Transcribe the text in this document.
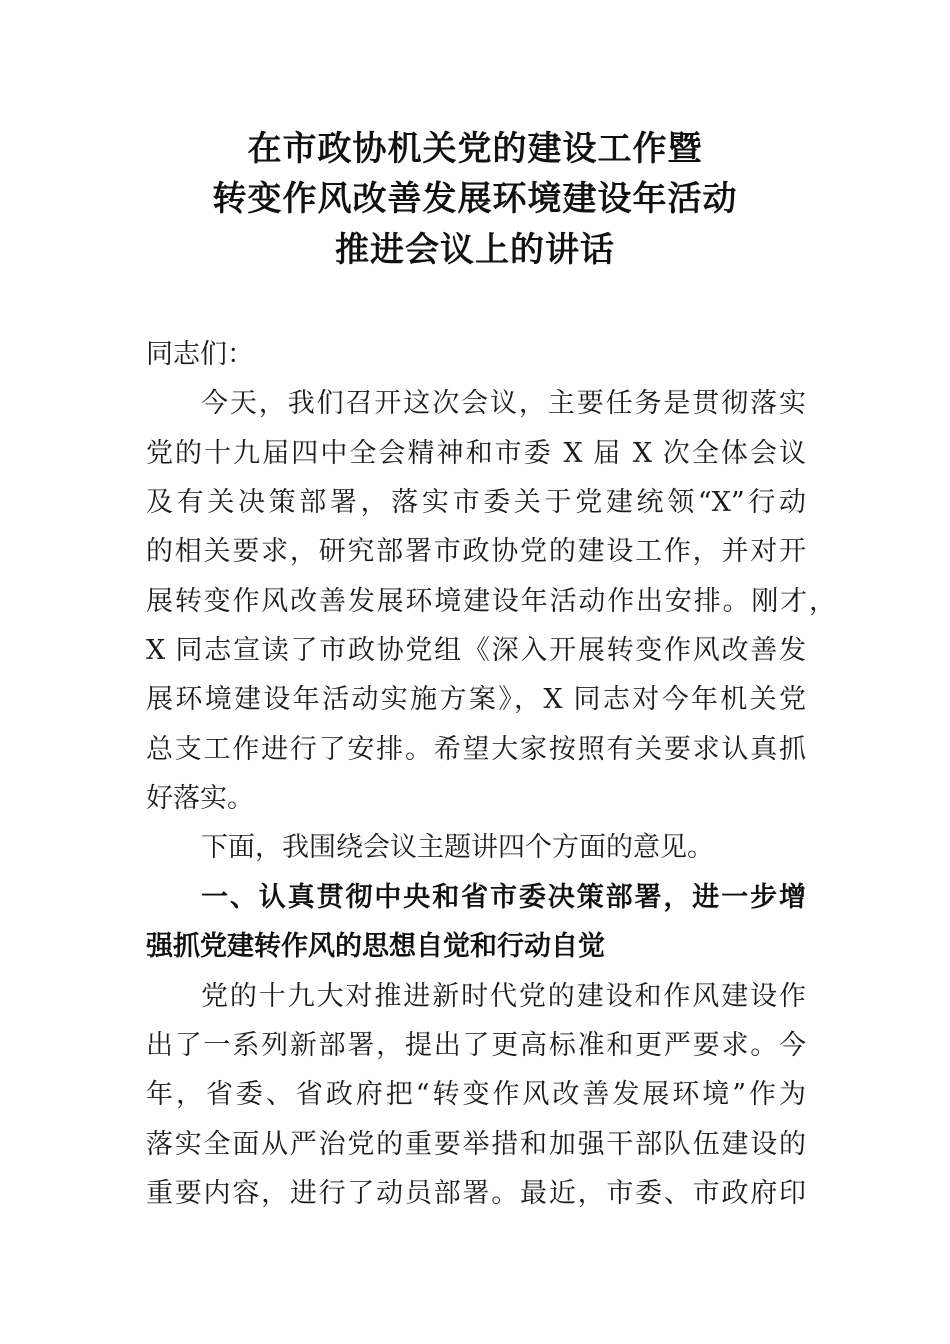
在市政协机关党的建设工作暨
转变作风改善发展环境建设年活动
推进会议上的讲话
同志们：
今天，我们召开这次会议，主要任务是贯彻落实
党的十九届四中全会精神和市委 X 届 X 次全体会议
及有关决策部署，落实市委关于党建统领“X”行动
的相关要求，研究部署市政协党的建设工作，并对开
展转变作风改善发展环境建设年活动作出安排。刚才，
X 同志宣读了市政协党组《深入开展转变作风改善发
展环境建设年活动实施方案》，X 同志对今年机关党
总支工作进行了安排。希望大家按照有关要求认真抓
好落实。
下面，我围绕会议主题讲四个方面的意见。
一、认真贯彻中央和省市委决策部署，进一步增
强抓党建转作风的思想自觉和行动自觉
党的十九大对推进新时代党的建设和作风建设作
出了一系列新部署，提出了更高标准和更严要求。今
年，省委、省政府把“转变作风改善发展环境”作为
落实全面从严治党的重要举措和加强干部队伍建设的
重要内容，进行了动员部署。最近，市委、市政府印
